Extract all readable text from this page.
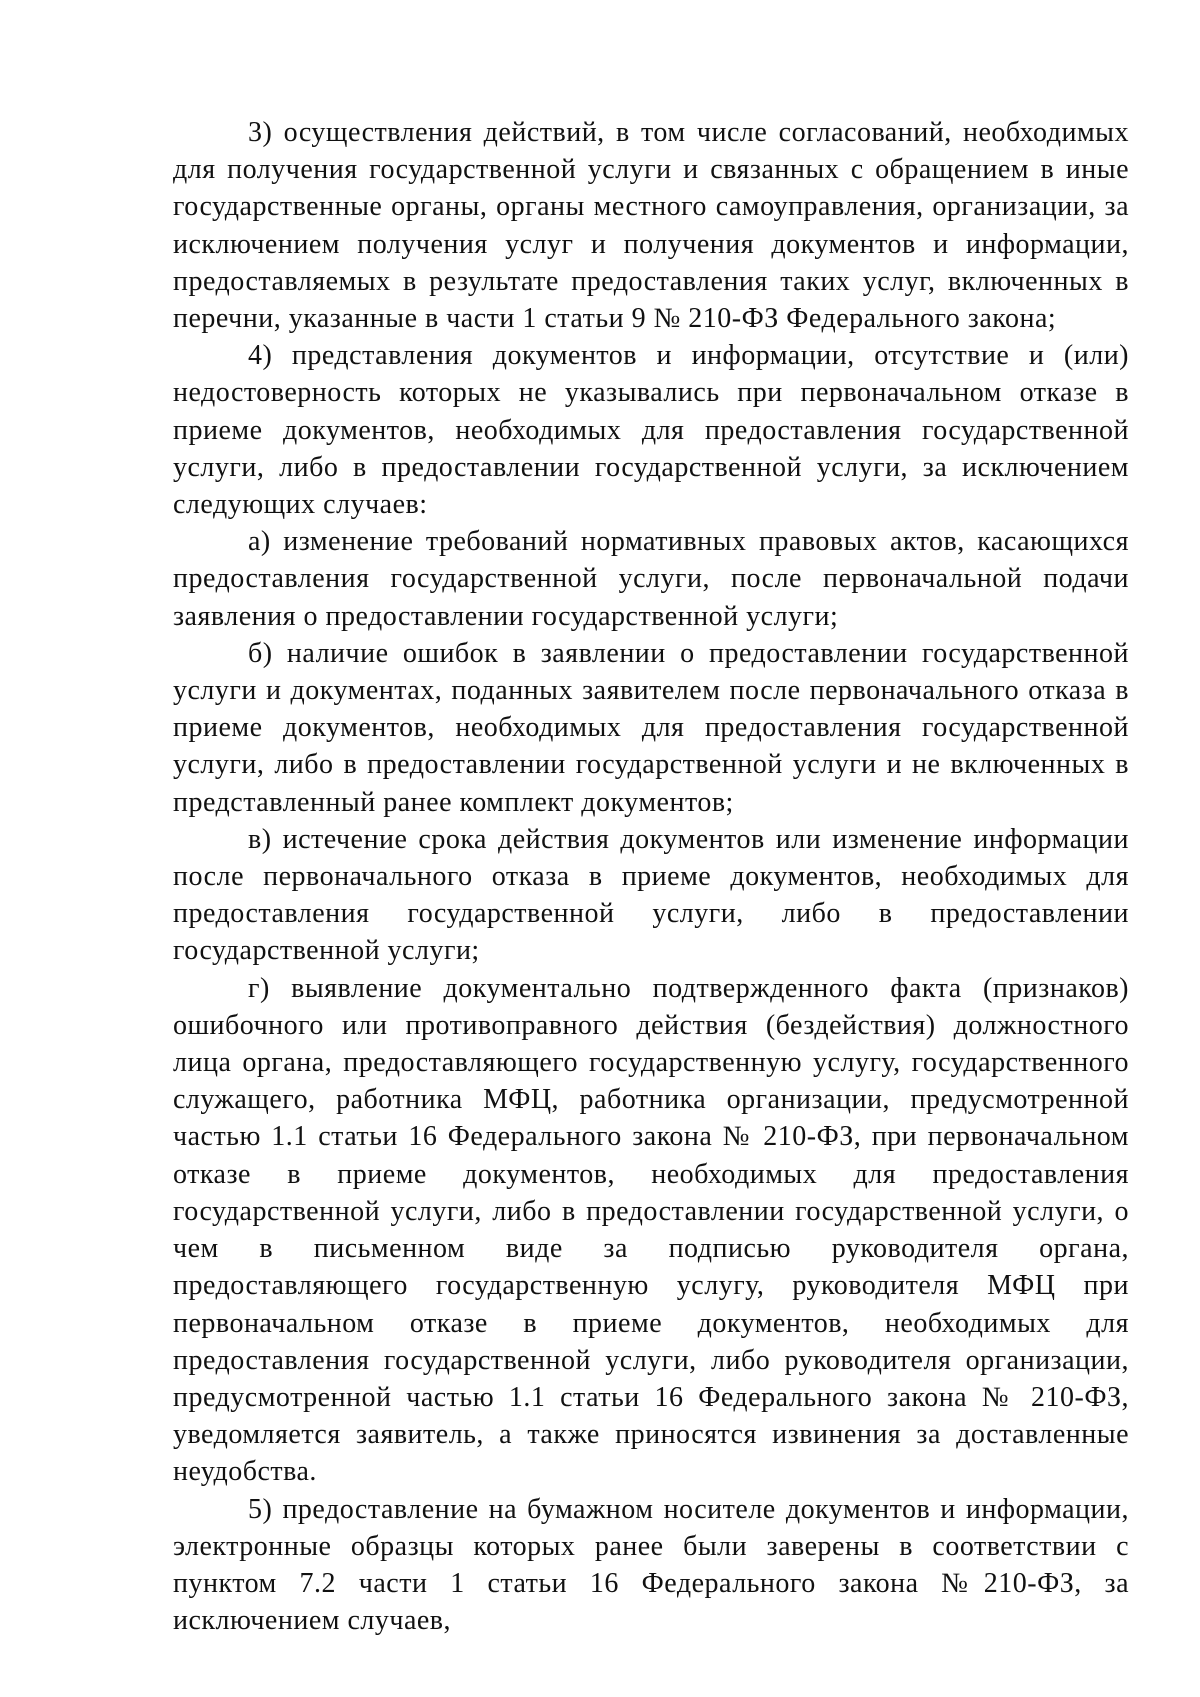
3) осуществления действий, в том числе согласований, необходимых для получения государственной услуги и связанных с обращением в иные государственные органы, органы местного самоуправления, организации, за исключением получения услуг и получения документов и информации, предоставляемых в результате предоставления таких услуг, включенных в перечни, указанные в части 1 статьи 9 № 210-ФЗ Федерального закона;

4) представления документов и информации, отсутствие и (или) недостоверность которых не указывались при первоначальном отказе в приеме документов, необходимых для предоставления государственной услуги, либо в предоставлении государственной услуги, за исключением следующих случаев:

а) изменение требований нормативных правовых актов, касающихся предоставления государственной услуги, после первоначальной подачи заявления о предоставлении государственной услуги;

б) наличие ошибок в заявлении о предоставлении государственной услуги и документах, поданных заявителем после первоначального отказа в приеме документов, необходимых для предоставления государственной услуги, либо в предоставлении государственной услуги и не включенных в представленный ранее комплект документов;

в) истечение срока действия документов или изменение информации после первоначального отказа в приеме документов, необходимых для предоставления государственной услуги, либо в предоставлении государственной услуги;

г) выявление документально подтвержденного факта (признаков) ошибочного или противоправного действия (бездействия) должностного лица органа, предоставляющего государственную услугу, государственного служащего, работника МФЦ, работника организации, предусмотренной частью 1.1 статьи 16 Федерального закона № 210-ФЗ, при первоначальном отказе в приеме документов, необходимых для предоставления государственной услуги, либо в предоставлении государственной услуги, о чем в письменном виде за подписью руководителя органа, предоставляющего государственную услугу, руководителя МФЦ при первоначальном отказе в приеме документов, необходимых для предоставления государственной услуги, либо руководителя организации, предусмотренной частью 1.1 статьи 16 Федерального закона № 210-ФЗ, уведомляется заявитель, а также приносятся извинения за доставленные неудобства.

5) предоставление на бумажном носителе документов и информации, электронные образцы которых ранее были заверены в соответствии с пунктом 7.2 части 1 статьи 16 Федерального закона №210-ФЗ, за исключением случаев,
